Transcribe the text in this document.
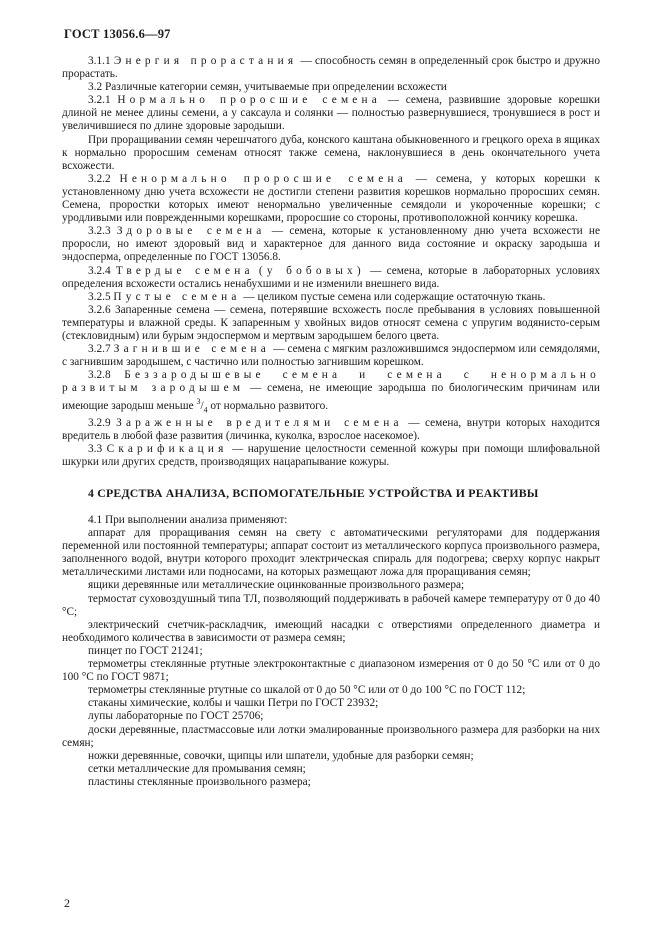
ГОСТ 13056.6—97

3.1.1 Энергия прорастания — способность семян в определенный срок быстро и дружно прорастать.

3.2 Различные категории семян, учитываемые при определении всхожести

3.2.1 Нормально проросшие семена — семена, развившие здоровые корешки длиной не менее длины семени, а у саксаула и солянки — полностью развернувшиеся, тронувшиеся в рост и увеличившиеся по длине здоровые зародыши.

При проращивании семян черешчатого дуба, конского каштана обыкновенного и грецкого ореха в ящиках к нормально проросшим семенам относят также семена, наклонувшиеся в день окончательного учета всхожести.

3.2.2 Ненормально проросшие семена — семена, у которых корешки к установленному дню учета всхожести не достигли степени развития корешков нормально проросших семян. Семена, проростки которых имеют ненормально увеличенные семядоли и укороченные корешки; с уродливыми или поврежденными корешками, проросшие со стороны, противоположной кончику корешка.

3.2.3 Здоровые семена — семена, которые к установленному дню учета всхожести не проросли, но имеют здоровый вид и характерное для данного вида состояние и окраску зародыша и эндосперма, определенные по ГОСТ 13056.8.

3.2.4 Твердые семена (у бобовых) — семена, которые в лабораторных условиях определения всхожести остались ненабухшими и не изменили внешнего вида.

3.2.5 Пустые семена — целиком пустые семена или содержащие остаточную ткань.

3.2.6 Запаренные семена — семена, потерявшие всхожесть после пребывания в условиях повышенной температуры и влажной среды. К запаренным у хвойных видов относят семена с упругим водянисто-серым (стекловидным) или бурым эндоспермом и мертвым зародышем белого цвета.

3.2.7 Загнившие семена — семена с мягким разложившимся эндоспермом или семядолями, с загнившим зародышем, с частично или полностью загнившим корешком.

3.2.8 Беззародышевые семена и семена с ненормально развитым зародышем — семена, не имеющие зародыша по биологическим причинам или имеющие зародыш меньше $^3/_4$ от нормально развитого.

3.2.9 Зараженные вредителями семена — семена, внутри которых находится вредитель в любой фазе развития (личинка, куколка, взрослое насекомое).

3.3 Скарификация — нарушение целостности семенной кожуры при помощи шлифовальной шкурки или других средств, производящих нацарапывание кожуры.

4 СРЕДСТВА АНАЛИЗА, ВСПОМОГАТЕЛЬНЫЕ УСТРОЙСТВА И РЕАКТИВЫ

4.1 При выполнении анализа применяют:

аппарат для проращивания семян на свету с автоматическими регуляторами для поддержания переменной или постоянной температуры; аппарат состоит из металлического корпуса произвольного размера, заполненного водой, внутри которого проходит электрическая спираль для подогрева; сверху корпус накрыт металлическими листами или подносами, на которых размещают ложа для проращивания семян;

ящики деревянные или металлические оцинкованные произвольного размера;

термостат суховоздушный типа ТЛ, позволяющий поддерживать в рабочей камере температуру от 0 до 40 °С;

электрический счетчик-раскладчик, имеющий насадки с отверстиями определенного диаметра и необходимого количества в зависимости от размера семян;

пинцет по ГОСТ 21241;

термометры стеклянные ртутные электроконтактные с диапазоном измерения от 0 до 50 °С или от 0 до 100 °С по ГОСТ 9871;

термометры стеклянные ртутные со шкалой от 0 до 50 °С или от 0 до 100 °С по ГОСТ 112;

стаканы химические, колбы и чашки Петри по ГОСТ 23932;

лупы лабораторные по ГОСТ 25706;

доски деревянные, пластмассовые или лотки эмалированные произвольного размера для разборки на них семян;

ножки деревянные, совочки, щипцы или шпатели, удобные для разборки семян;

сетки металлические для промывания семян;

пластины стеклянные произвольного размера;

2
